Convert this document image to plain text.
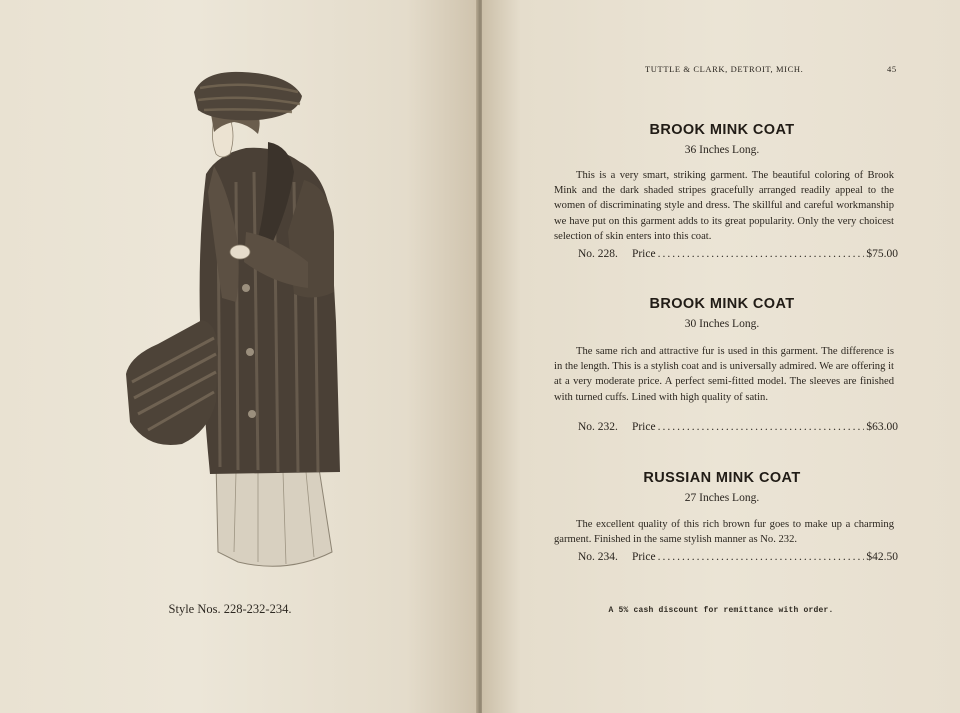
Style Nos. 228-232-234.
TUTTLE & CLARK, DETROIT, MICH.	45
BROOK MINK COAT
36 Inches Long.
This is a very smart, striking garment. The beautiful coloring of Brook Mink and the dark shaded stripes gracefully arranged readily appeal to the women of discriminating style and dress. The skillful and careful workmanship we have put on this garment adds to its great popularity. Only the very choicest selection of skin enters into this coat.
No. 228. Price .....	$75.00
BROOK MINK COAT
30 Inches Long.
The same rich and attractive fur is used in this garment. The difference is in the length. This is a stylish coat and is universally admired. We are offering it at a very moderate price. A perfect semi-fitted model. The sleeves are finished with turned cuffs. Lined with high quality of satin.
No. 232. Price .....	$63.00
RUSSIAN MINK COAT
27 Inches Long.
The excellent quality of this rich brown fur goes to make up a charming garment. Finished in the same stylish manner as No. 232.
No. 234. Price .....	$42.50
A 5% cash discount for remittance with order.
